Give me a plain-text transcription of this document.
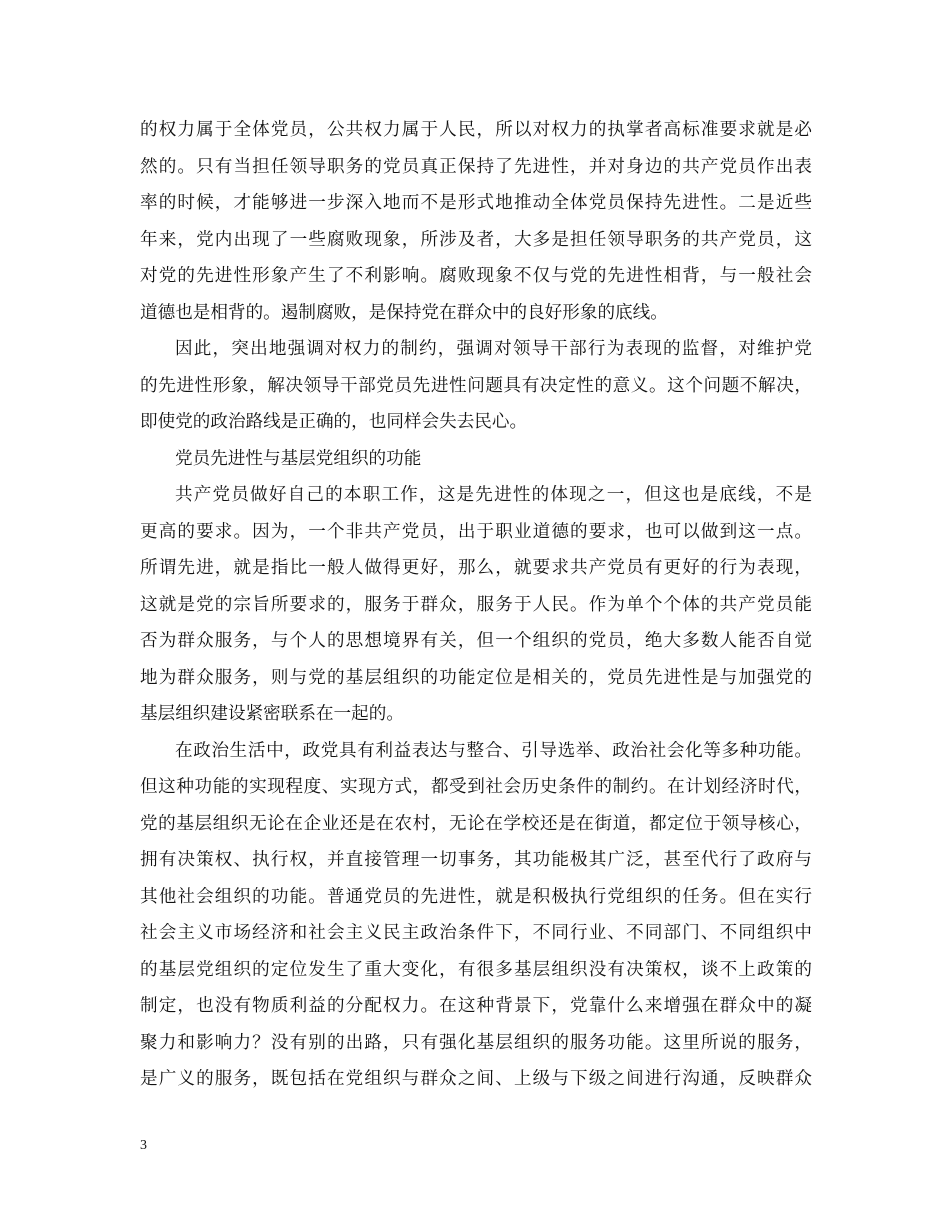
的权力属于全体党员，公共权力属于人民，所以对权力的执掌者高标准要求就是必
然的。只有当担任领导职务的党员真正保持了先进性，并对身边的共产党员作出表
率的时候，才能够进一步深入地而不是形式地推动全体党员保持先进性。二是近些
年来，党内出现了一些腐败现象，所涉及者，大多是担任领导职务的共产党员，这
对党的先进性形象产生了不利影响。腐败现象不仅与党的先进性相背，与一般社会
道德也是相背的。遏制腐败，是保持党在群众中的良好形象的底线。
因此，突出地强调对权力的制约，强调对领导干部行为表现的监督，对维护党
的先进性形象，解决领导干部党员先进性问题具有决定性的意义。这个问题不解决，
即使党的政治路线是正确的，也同样会失去民心。
党员先进性与基层党组织的功能
共产党员做好自己的本职工作，这是先进性的体现之一，但这也是底线，不是
更高的要求。因为，一个非共产党员，出于职业道德的要求，也可以做到这一点。
所谓先进，就是指比一般人做得更好，那么，就要求共产党员有更好的行为表现，
这就是党的宗旨所要求的，服务于群众，服务于人民。作为单个个体的共产党员能
否为群众服务，与个人的思想境界有关，但一个组织的党员，绝大多数人能否自觉
地为群众服务，则与党的基层组织的功能定位是相关的，党员先进性是与加强党的
基层组织建设紧密联系在一起的。
在政治生活中，政党具有利益表达与整合、引导选举、政治社会化等多种功能。
但这种功能的实现程度、实现方式，都受到社会历史条件的制约。在计划经济时代，
党的基层组织无论在企业还是在农村，无论在学校还是在街道，都定位于领导核心，
拥有决策权、执行权，并直接管理一切事务，其功能极其广泛，甚至代行了政府与
其他社会组织的功能。普通党员的先进性，就是积极执行党组织的任务。但在实行
社会主义市场经济和社会主义民主政治条件下，不同行业、不同部门、不同组织中
的基层党组织的定位发生了重大变化，有很多基层组织没有决策权，谈不上政策的
制定，也没有物质利益的分配权力。在这种背景下，党靠什么来增强在群众中的凝
聚力和影响力？没有别的出路，只有强化基层组织的服务功能。这里所说的服务，
是广义的服务，既包括在党组织与群众之间、上级与下级之间进行沟通，反映群众
3
